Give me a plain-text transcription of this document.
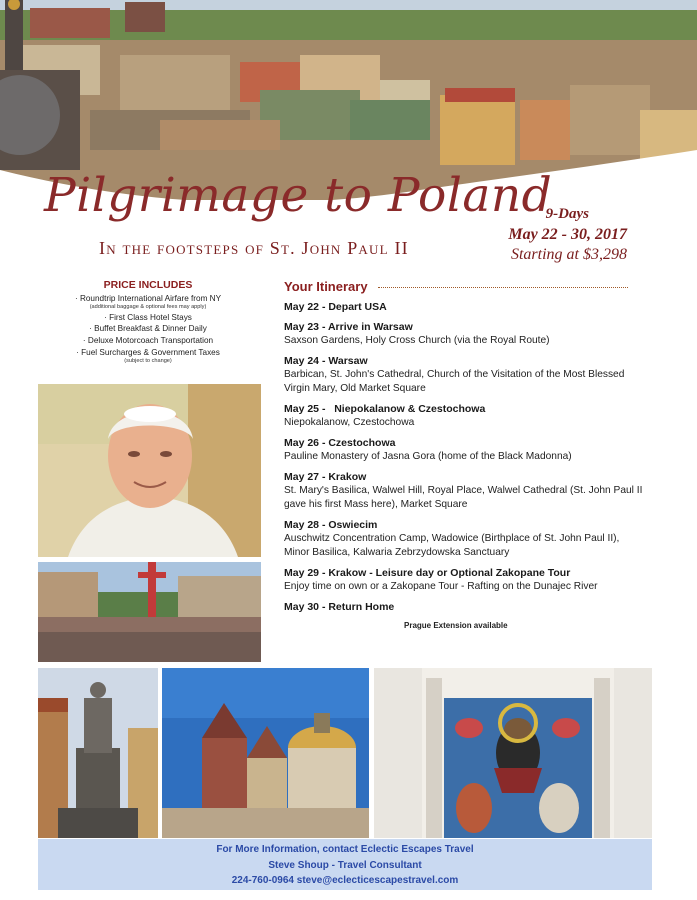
Pilgrimage to Poland
In the footsteps of St. John Paul II
9-Days
May 22 - 30, 2017
Starting at $3,298
PRICE INCLUDES
· Roundtrip International Airfare from NY
(additional baggage & optional fees may apply)
· First Class Hotel Stays
· Buffet Breakfast & Dinner Daily
· Deluxe Motorcoach Transportation
· Fuel Surcharges & Government Taxes
(subject to change)
Your Itinerary
May 22 - Depart USA
May 23 - Arrive in Warsaw
Saxson Gardens, Holy Cross Church (via the Royal Route)
May 24 - Warsaw
Barbican, St. John's Cathedral, Church of the Visitation of the Most Blessed Virgin Mary, Old Market Square
May 25 -   Niepokalanow & Czestochowa
Niepokalanow, Czestochowa
May 26 - Czestochowa
Pauline Monastery of Jasna Gora (home of the Black Madonna)
May 27 - Krakow
St. Mary's Basilica, Walwel Hill, Royal Place, Walwel Cathedral (St. John Paul II gave his first Mass here), Market Square
May 28 - Oswiecim
Auschwitz Concentration Camp, Wadowice (Birthplace of St. John Paul II), Minor Basilica, Kalwaria Zebrzydowska Sanctuary
May 29 - Krakow - Leisure day or Optional Zakopane Tour
Enjoy time on own or a Zakopane Tour - Rafting on the Dunajec River
May 30 - Return Home
Prague Extension available
For More Information, contact Eclectic Escapes Travel
Steve Shoup - Travel Consultant
224-760-0964 steve@eclecticescapestravel.com
